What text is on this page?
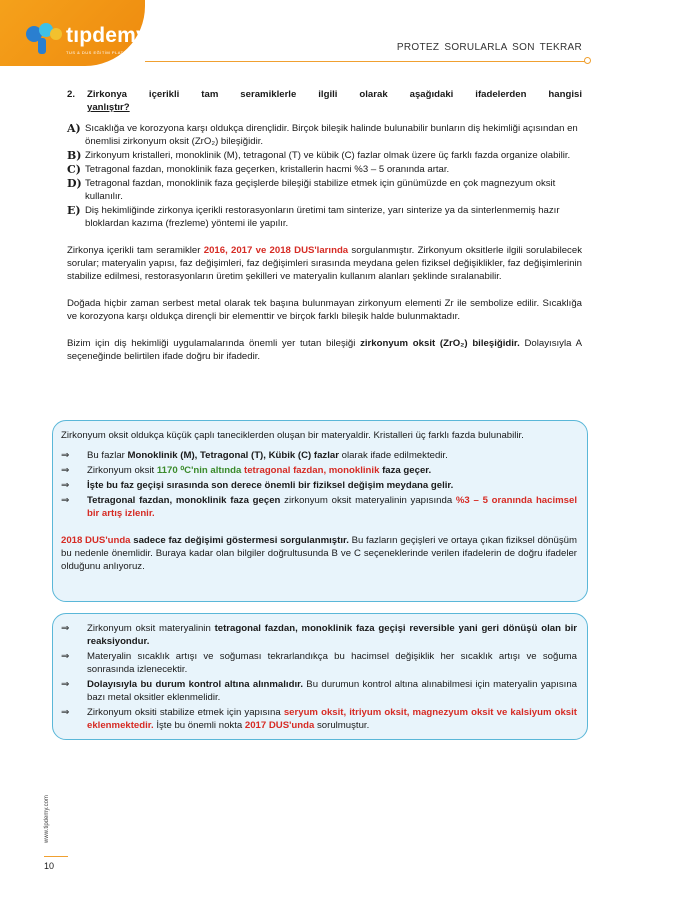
tıpdemy
TUS & DUS EĞİTİM PLATFORMU	PROTEZ SORULARLA SON TEKRAR
2.	Zirkonya içerikli tam seramiklerle ilgili olarak aşağıdaki ifadelerden hangisi
yanlıştır?
A) Sıcaklığa ve korozyona karşı oldukça dirençlidir. Birçok bileşik halinde bulunabilir bunların diş hekimliği açısından en önemlisi zirkonyum oksit (ZrO₂) bileşiğidir.
B) Zirkonyum kristalleri, monoklinik (M), tetragonal (T) ve kübik (C) fazlar olmak üzere üç farklı fazda organize olabilir.
C) Tetragonal fazdan, monoklinik faza geçerken, kristallerin hacmi %3 – 5 oranında artar.
D) Tetragonal fazdan, monoklinik faza geçişlerde bileşiği stabilize etmek için günümüzde en çok magnezyum oksit kullanılır.
E) Diş hekimliğinde zirkonya içerikli restorasyonların üretimi tam sinterize, yarı sinterize ya da sinterlenmemiş hazır bloklardan kazıma (frezleme) yöntemi ile yapılır.
Zirkonya içerikli tam seramikler 2016, 2017 ve 2018 DUS'larında sorgulanmıştır. Zirkonyum oksitlerle ilgili sorulabilecek sorular; materyalin yapısı, faz değişimleri, faz değişimleri sırasında meydana gelen fiziksel değişiklikler, faz değişimlerinin stabilize edilmesi, restorasyonların üretim şekilleri ve materyalin kullanım alanları şeklinde sıralanabilir.
Doğada hiçbir zaman serbest metal olarak tek başına bulunmayan zirkonyum elementi Zr ile sembolize edilir. Sıcaklığa ve korozyona karşı oldukça dirençli bir elementtir ve birçok farklı bileşik halde bulunmaktadır.
Bizim için diş hekimliği uygulamalarında önemli yer tutan bileşiği zirkonyum oksit (ZrO₂) bileşiğidir. Dolayısıyla A seçeneğinde belirtilen ifade doğru bir ifadedir.
Zirkonyum oksit oldukça küçük çaplı taneciklerden oluşan bir materyaldir. Kristalleri üç farklı fazda bulunabilir.
⇒	Bu fazlar Monoklinik (M), Tetragonal (T), Kübik (C) fazlar olarak ifade edilmektedir.
⇒	Zirkonyum oksit 1170 ⁰C'nin altında tetragonal fazdan, monoklinik faza geçer.
⇒	İşte bu faz geçişi sırasında son derece önemli bir fiziksel değişim meydana gelir.
⇒	Tetragonal fazdan, monoklinik faza geçen zirkonyum oksit materyalinin yapısında %3 – 5 oranında hacimsel bir artış izlenir.
2018 DUS'unda sadece faz değişimi göstermesi sorgulanmıştır. Bu fazların geçişleri ve ortaya çıkan fiziksel dönüşüm bu nedenle önemlidir. Buraya kadar olan bilgiler doğrultusunda B ve C seçeneklerinde verilen ifadelerin de doğru ifadeler olduğunu anlıyoruz.
⇒	Zirkonyum oksit materyalinin tetragonal fazdan, monoklinik faza geçişi reversible yani geri dönüşü olan bir reaksiyondur.
⇒	Materyalin sıcaklık artışı ve soğuması tekrarlandıkça bu hacimsel değişiklik her sıcaklık artışı ve soğuma sonrasında izlenecektir.
⇒	Dolayısıyla bu durum kontrol altına alınmalıdır. Bu durumun kontrol altına alınabilmesi için materyalin yapısına bazı metal oksitler eklenmelidir.
⇒	Zirkonyum oksiti stabilize etmek için yapısına seryum oksit, itriyum oksit, magnezyum oksit ve kalsiyum oksit eklenmektedir. İşte bu önemli nokta 2017 DUS'unda sorulmuştur.
www.tipdemy.com
10
